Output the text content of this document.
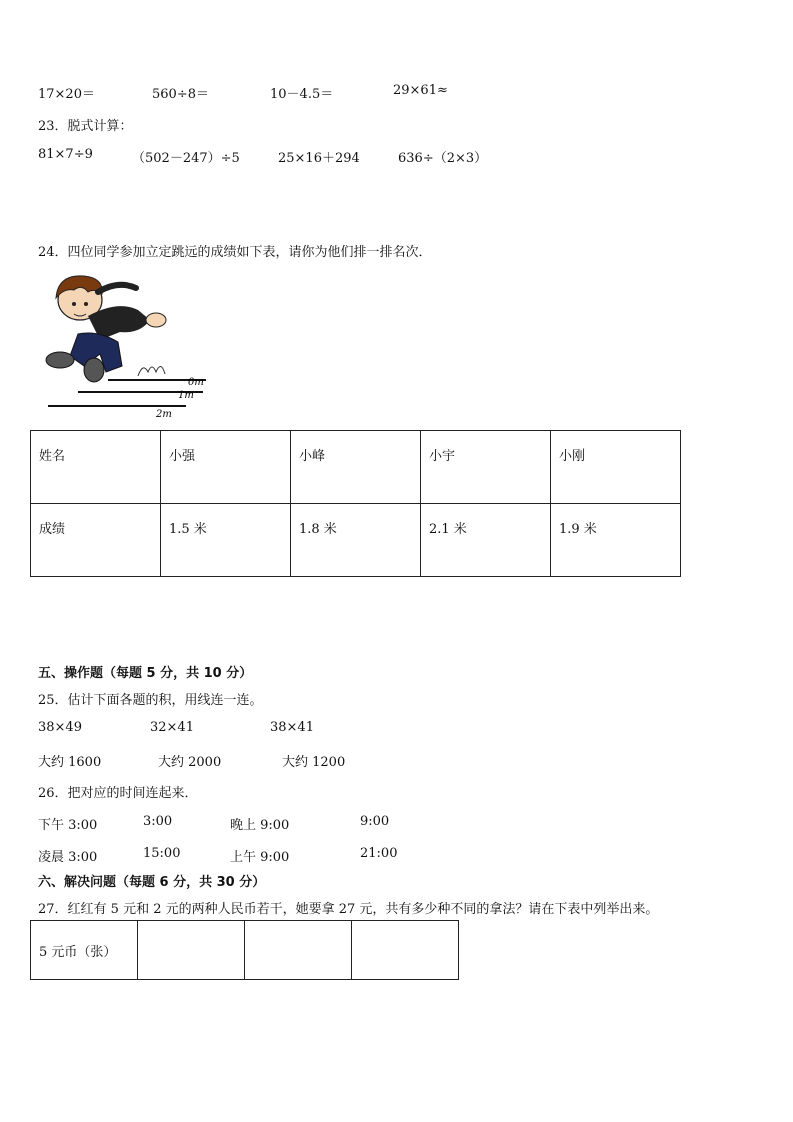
17×20＝	560÷8＝	10－4.5＝	29×61≈
23．脱式计算：
81×7÷9	（502－247）÷5	25×16＋294	636÷（2×3）
24．四位同学参加立定跳远的成绩如下表，请你为他们排一排名次．
0m
1m
2m
姓名	小强	小峰	小宇	小刚
成绩	1.5 米	1.8 米	2.1 米	1.9 米
五、操作题（每题 5 分，共 10 分）
25．估计下面各题的积，用线连一连。
38×49	32×41	38×41
大约 1600	大约 2000	大约 1200
26．把对应的时间连起来．
下午 3:00	3:00	晚上 9:00	9:00
凌晨 3:00	15:00	上午 9:00	21:00
六、解决问题（每题 6 分，共 30 分）
27．红红有 5 元和 2 元的两种人民币若干，她要拿 27 元，共有多少种不同的拿法？请在下表中列举出来。
5 元币（张）			
